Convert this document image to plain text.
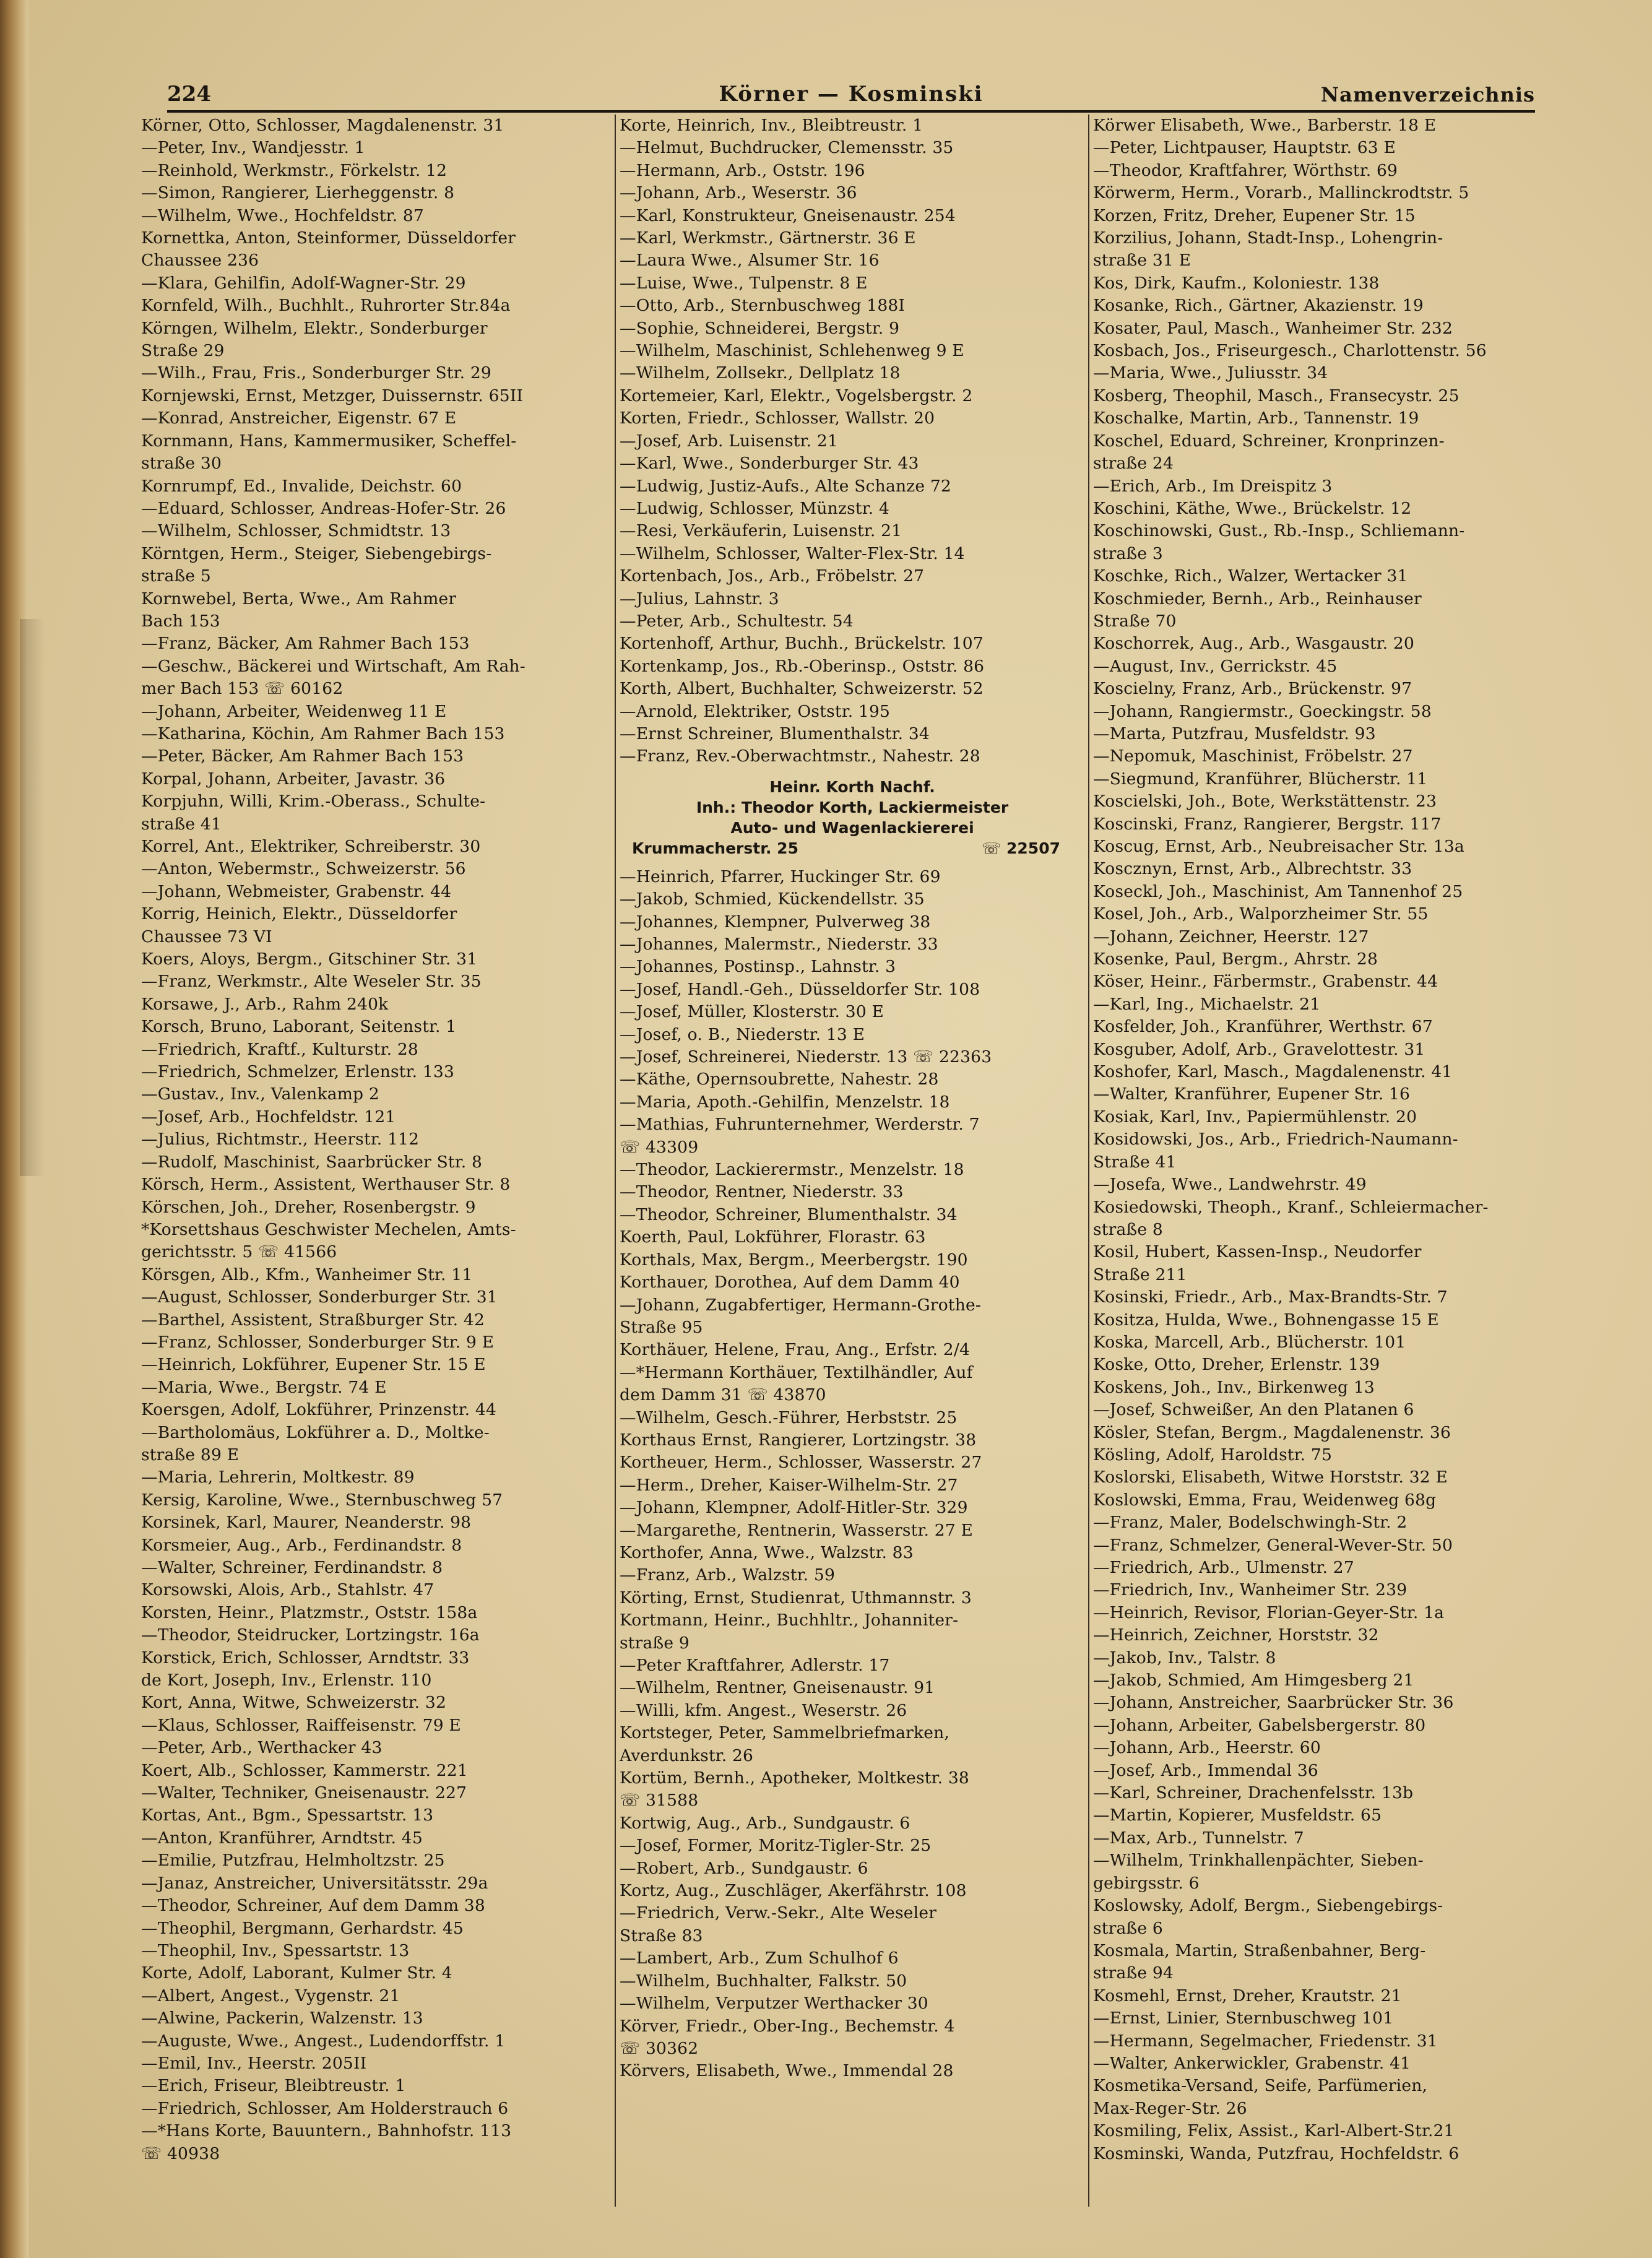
Körner — Kosminski
224	Namenverzeichnis
Körner, Otto, Schlosser, Magdalenenstr. 31
—Peter, Inv., Wandjesstr. 1
—Reinhold, Werkmstr., Förkelstr. 12
—Simon, Rangierer, Lierheggenstr. 8
—Wilhelm, Wwe., Hochfeldstr. 87
Kornettka, Anton, Steinformer, Düsseldorfer
Chaussee 236
—Klara, Gehilfin, Adolf-Wagner-Str. 29
Kornfeld, Wilh., Buchhlt., Ruhrorter Str.84a
Körngen, Wilhelm, Elektr., Sonderburger
Straße 29
—Wilh., Frau, Fris., Sonderburger Str. 29
Kornjewski, Ernst, Metzger, Duissernstr. 65II
—Konrad, Anstreicher, Eigenstr. 67 E
Kornmann, Hans, Kammermusiker, Scheffel-
straße 30
Kornrumpf, Ed., Invalide, Deichstr. 60
—Eduard, Schlosser, Andreas-Hofer-Str. 26
—Wilhelm, Schlosser, Schmidtstr. 13
Körntgen, Herm., Steiger, Siebengebirgs-
straße 5
Kornwebel, Berta, Wwe., Am Rahmer
Bach 153
—Franz, Bäcker, Am Rahmer Bach 153
—Geschw., Bäckerei und Wirtschaft, Am Rah-
mer Bach 153 ☏ 60162
—Johann, Arbeiter, Weidenweg 11 E
—Katharina, Köchin, Am Rahmer Bach 153
—Peter, Bäcker, Am Rahmer Bach 153
Korpal, Johann, Arbeiter, Javastr. 36
Korpjuhn, Willi, Krim.-Oberass., Schulte-
straße 41
Korrel, Ant., Elektriker, Schreiberstr. 30
—Anton, Webermstr., Schweizerstr. 56
—Johann, Webmeister, Grabenstr. 44
Korrig, Heinich, Elektr., Düsseldorfer
Chaussee 73 VI
Koers, Aloys, Bergm., Gitschiner Str. 31
—Franz, Werkmstr., Alte Weseler Str. 35
Korsawe, J., Arb., Rahm 240k
Korsch, Bruno, Laborant, Seitenstr. 1
—Friedrich, Kraftf., Kulturstr. 28
—Friedrich, Schmelzer, Erlenstr. 133
—Gustav., Inv., Valenkamp 2
—Josef, Arb., Hochfeldstr. 121
—Julius, Richtmstr., Heerstr. 112
—Rudolf, Maschinist, Saarbrücker Str. 8
Körsch, Herm., Assistent, Werthauser Str. 8
Körschen, Joh., Dreher, Rosenbergstr. 9
*Korsettshaus Geschwister Mechelen, Amts-
gerichtsstr. 5 ☏ 41566
Körsgen, Alb., Kfm., Wanheimer Str. 11
—August, Schlosser, Sonderburger Str. 31
—Barthel, Assistent, Straßburger Str. 42
—Franz, Schlosser, Sonderburger Str. 9 E
—Heinrich, Lokführer, Eupener Str. 15 E
—Maria, Wwe., Bergstr. 74 E
Koersgen, Adolf, Lokführer, Prinzenstr. 44
—Bartholomäus, Lokführer a. D., Moltke-
straße 89 E
—Maria, Lehrerin, Moltkestr. 89
Kersig, Karoline, Wwe., Sternbuschweg 57
Korsinek, Karl, Maurer, Neanderstr. 98
Korsmeier, Aug., Arb., Ferdinandstr. 8
—Walter, Schreiner, Ferdinandstr. 8
Korsowski, Alois, Arb., Stahlstr. 47
Korsten, Heinr., Platzmstr., Oststr. 158a
—Theodor, Steidrucker, Lortzingstr. 16a
Korstick, Erich, Schlosser, Arndtstr. 33
de Kort, Joseph, Inv., Erlenstr. 110
Kort, Anna, Witwe, Schweizerstr. 32
—Klaus, Schlosser, Raiffeisenstr. 79 E
—Peter, Arb., Werthacker 43
Koert, Alb., Schlosser, Kammerstr. 221
—Walter, Techniker, Gneisenaustr. 227
Kortas, Ant., Bgm., Spessartstr. 13
—Anton, Kranführer, Arndtstr. 45
—Emilie, Putzfrau, Helmholtzstr. 25
—Janaz, Anstreicher, Universitätsstr. 29a
—Theodor, Schreiner, Auf dem Damm 38
—Theophil, Bergmann, Gerhardstr. 45
—Theophil, Inv., Spessartstr. 13
Korte, Adolf, Laborant, Kulmer Str. 4
—Albert, Angest., Vygenstr. 21
—Alwine, Packerin, Walzenstr. 13
—Auguste, Wwe., Angest., Ludendorffstr. 1
—Emil, Inv., Heerstr. 205II
—Erich, Friseur, Bleibtreustr. 1
—Friedrich, Schlosser, Am Holderstrauch 6
—*Hans Korte, Bauuntern., Bahnhofstr. 113
☏ 40938
Korte, Heinrich, Inv., Bleibtreustr. 1
—Helmut, Buchdrucker, Clemensstr. 35
—Hermann, Arb., Oststr. 196
—Johann, Arb., Weserstr. 36
—Karl, Konstrukteur, Gneisenaustr. 254
—Karl, Werkmstr., Gärtnerstr. 36 E
—Laura Wwe., Alsumer Str. 16
—Luise, Wwe., Tulpenstr. 8 E
—Otto, Arb., Sternbuschweg 188I
—Sophie, Schneiderei, Bergstr. 9
—Wilhelm, Maschinist, Schlehenweg 9 E
—Wilhelm, Zollsekr., Dellplatz 18
Kortemeier, Karl, Elektr., Vogelsbergstr. 2
Korten, Friedr., Schlosser, Wallstr. 20
—Josef, Arb. Luisenstr. 21
—Karl, Wwe., Sonderburger Str. 43
—Ludwig, Justiz-Aufs., Alte Schanze 72
—Ludwig, Schlosser, Münzstr. 4
—Resi, Verkäuferin, Luisenstr. 21
—Wilhelm, Schlosser, Walter-Flex-Str. 14
Kortenbach, Jos., Arb., Fröbelstr. 27
—Julius, Lahnstr. 3
—Peter, Arb., Schultestr. 54
Kortenhoff, Arthur, Buchh., Brückelstr. 107
Kortenkamp, Jos., Rb.-Oberinsp., Oststr. 86
Korth, Albert, Buchhalter, Schweizerstr. 52
—Arnold, Elektriker, Oststr. 195
—Ernst Schreiner, Blumenthalstr. 34
—Franz, Rev.-Oberwachtmstr., Nahestr. 28
Heinr. Korth Nachf.
Inh.: Theodor Korth, Lackiermeister
Auto- und Wagenlackiererei
Krummacherstr. 25	☏ 22507
—Heinrich, Pfarrer, Huckinger Str. 69
—Jakob, Schmied, Kückendellstr. 35
—Johannes, Klempner, Pulverweg 38
—Johannes, Malermstr., Niederstr. 33
—Johannes, Postinsp., Lahnstr. 3
—Josef, Handl.-Geh., Düsseldorfer Str. 108
—Josef, Müller, Klosterstr. 30 E
—Josef, o. B., Niederstr. 13 E
—Josef, Schreinerei, Niederstr. 13 ☏ 22363
—Käthe, Opernsoubrette, Nahestr. 28
—Maria, Apoth.-Gehilfin, Menzelstr. 18
—Mathias, Fuhrunternehmer, Werderstr. 7
☏ 43309
—Theodor, Lackierermstr., Menzelstr. 18
—Theodor, Rentner, Niederstr. 33
—Theodor, Schreiner, Blumenthalstr. 34
Koerth, Paul, Lokführer, Florastr. 63
Korthals, Max, Bergm., Meerbergstr. 190
Korthauer, Dorothea, Auf dem Damm 40
—Johann, Zugabfertiger, Hermann-Grothe-
Straße 95
Korthäuer, Helene, Frau, Ang., Erfstr. 2/4
—*Hermann Korthäuer, Textilhändler, Auf
dem Damm 31 ☏ 43870
—Wilhelm, Gesch.-Führer, Herbststr. 25
Korthaus Ernst, Rangierer, Lortzingstr. 38
Kortheuer, Herm., Schlosser, Wasserstr. 27
—Herm., Dreher, Kaiser-Wilhelm-Str. 27
—Johann, Klempner, Adolf-Hitler-Str. 329
—Margarethe, Rentnerin, Wasserstr. 27 E
Korthofer, Anna, Wwe., Walzstr. 83
—Franz, Arb., Walzstr. 59
Körting, Ernst, Studienrat, Uthmannstr. 3
Kortmann, Heinr., Buchhltr., Johanniter-
straße 9
—Peter Kraftfahrer, Adlerstr. 17
—Wilhelm, Rentner, Gneisenaustr. 91
—Willi, kfm. Angest., Weserstr. 26
Kortsteger, Peter, Sammelbriefmarken,
Averdunkstr. 26
Kortüm, Bernh., Apotheker, Moltkestr. 38
☏ 31588
Kortwig, Aug., Arb., Sundgaustr. 6
—Josef, Former, Moritz-Tigler-Str. 25
—Robert, Arb., Sundgaustr. 6
Kortz, Aug., Zuschläger, Akerfährstr. 108
—Friedrich, Verw.-Sekr., Alte Weseler
Straße 83
—Lambert, Arb., Zum Schulhof 6
—Wilhelm, Buchhalter, Falkstr. 50
—Wilhelm, Verputzer Werthacker 30
Körver, Friedr., Ober-Ing., Bechemstr. 4
☏ 30362
Körvers, Elisabeth, Wwe., Immendal 28
Körwer Elisabeth, Wwe., Barberstr. 18 E
—Peter, Lichtpauser, Hauptstr. 63 E
—Theodor, Kraftfahrer, Wörthstr. 69
Körwerm, Herm., Vorarb., Mallinckrodtstr. 5
Korzen, Fritz, Dreher, Eupener Str. 15
Korzilius, Johann, Stadt-Insp., Lohengrin-
straße 31 E
Kos, Dirk, Kaufm., Koloniestr. 138
Kosanke, Rich., Gärtner, Akazienstr. 19
Kosater, Paul, Masch., Wanheimer Str. 232
Kosbach, Jos., Friseurgesch., Charlottenstr. 56
—Maria, Wwe., Juliusstr. 34
Kosberg, Theophil, Masch., Fransecystr. 25
Koschalke, Martin, Arb., Tannenstr. 19
Koschel, Eduard, Schreiner, Kronprinzen-
straße 24
—Erich, Arb., Im Dreispitz 3
Koschini, Käthe, Wwe., Brückelstr. 12
Koschinowski, Gust., Rb.-Insp., Schliemann-
straße 3
Koschke, Rich., Walzer, Wertacker 31
Koschmieder, Bernh., Arb., Reinhauser
Straße 70
Koschorrek, Aug., Arb., Wasgaustr. 20
—August, Inv., Gerrickstr. 45
Koscielny, Franz, Arb., Brückenstr. 97
—Johann, Rangiermstr., Goeckingstr. 58
—Marta, Putzfrau, Musfeldstr. 93
—Nepomuk, Maschinist, Fröbelstr. 27
—Siegmund, Kranführer, Blücherstr. 11
Koscielski, Joh., Bote, Werkstättenstr. 23
Koscinski, Franz, Rangierer, Bergstr. 117
Koscug, Ernst, Arb., Neubreisacher Str. 13a
Koscznyn, Ernst, Arb., Albrechtstr. 33
Koseckl, Joh., Maschinist, Am Tannenhof 25
Kosel, Joh., Arb., Walporzheimer Str. 55
—Johann, Zeichner, Heerstr. 127
Kosenke, Paul, Bergm., Ahrstr. 28
Köser, Heinr., Färbermstr., Grabenstr. 44
—Karl, Ing., Michaelstr. 21
Kosfelder, Joh., Kranführer, Werthstr. 67
Kosguber, Adolf, Arb., Gravelottestr. 31
Koshofer, Karl, Masch., Magdalenenstr. 41
—Walter, Kranführer, Eupener Str. 16
Kosiak, Karl, Inv., Papiermühlenstr. 20
Kosidowski, Jos., Arb., Friedrich-Naumann-
Straße 41
—Josefa, Wwe., Landwehrstr. 49
Kosiedowski, Theoph., Kranf., Schleiermacher-
straße 8
Kosil, Hubert, Kassen-Insp., Neudorfer
Straße 211
Kosinski, Friedr., Arb., Max-Brandts-Str. 7
Kositza, Hulda, Wwe., Bohnengasse 15 E
Koska, Marcell, Arb., Blücherstr. 101
Koske, Otto, Dreher, Erlenstr. 139
Koskens, Joh., Inv., Birkenweg 13
—Josef, Schweißer, An den Platanen 6
Kösler, Stefan, Bergm., Magdalenenstr. 36
Kösling, Adolf, Haroldstr. 75
Koslorski, Elisabeth, Witwe Horststr. 32 E
Koslowski, Emma, Frau, Weidenweg 68g
—Franz, Maler, Bodelschwingh-Str. 2
—Franz, Schmelzer, General-Wever-Str. 50
—Friedrich, Arb., Ulmenstr. 27
—Friedrich, Inv., Wanheimer Str. 239
—Heinrich, Revisor, Florian-Geyer-Str. 1a
—Heinrich, Zeichner, Horststr. 32
—Jakob, Inv., Talstr. 8
—Jakob, Schmied, Am Himgesberg 21
—Johann, Anstreicher, Saarbrücker Str. 36
—Johann, Arbeiter, Gabelsbergerstr. 80
—Johann, Arb., Heerstr. 60
—Josef, Arb., Immendal 36
—Karl, Schreiner, Drachenfelsstr. 13b
—Martin, Kopierer, Musfeldstr. 65
—Max, Arb., Tunnelstr. 7
—Wilhelm, Trinkhallenpächter, Sieben-
gebirgsstr. 6
Koslowsky, Adolf, Bergm., Siebengebirgs-
straße 6
Kosmala, Martin, Straßenbahner, Berg-
straße 94
Kosmehl, Ernst, Dreher, Krautstr. 21
—Ernst, Linier, Sternbuschweg 101
—Hermann, Segelmacher, Friedenstr. 31
—Walter, Ankerwickler, Grabenstr. 41
Kosmetika-Versand, Seife, Parfümerien,
Max-Reger-Str. 26
Kosmiling, Felix, Assist., Karl-Albert-Str.21
Kosminski, Wanda, Putzfrau, Hochfeldstr. 6
